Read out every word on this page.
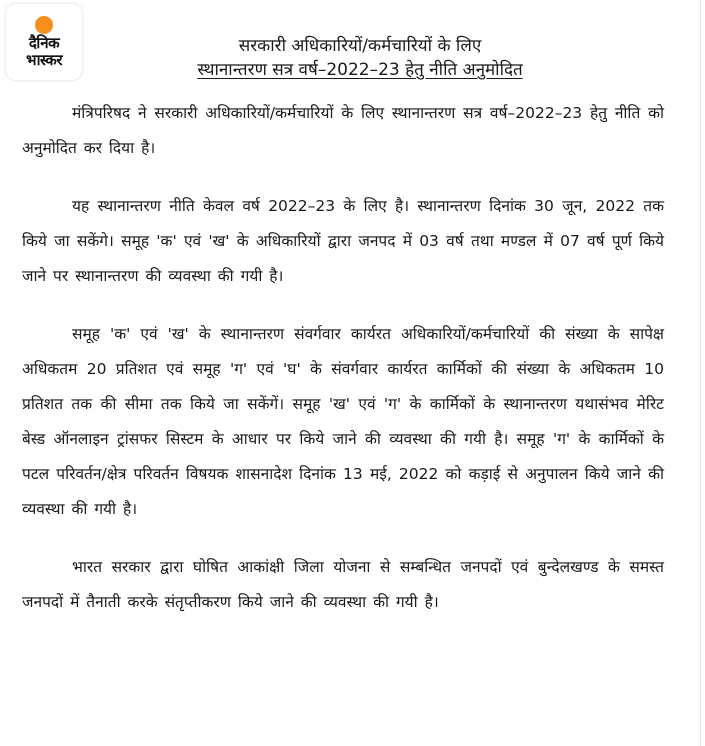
दैनिक
भास्कर
सरकारी अधिकारियों/कर्मचारियों के लिए
स्थानान्तरण सत्र वर्ष–2022–23 हेतु नीति अनुमोदित

मंत्रिपरिषद ने सरकारी अधिकारियों/कर्मचारियों के लिए स्थानान्तरण सत्र वर्ष–2022–23 हेतु नीति को अनुमोदित कर दिया है।

यह स्थानान्तरण नीति केवल वर्ष 2022–23 के लिए है। स्थानान्तरण दिनांक 30 जून, 2022 तक किये जा सकेंगे। समूह 'क' एवं 'ख' के अधिकारियों द्वारा जनपद में 03 वर्ष तथा मण्डल में 07 वर्ष पूर्ण किये जाने पर स्थानान्तरण की व्यवस्था की गयी है।

समूह 'क' एवं 'ख' के स्थानान्तरण संवर्गवार कार्यरत अधिकारियों/कर्मचारियों की संख्या के सापेक्ष अधिकतम 20 प्रतिशत एवं समूह 'ग' एवं 'घ' के संवर्गवार कार्यरत कार्मिकों की संख्या के अधिकतम 10 प्रतिशत तक की सीमा तक किये जा सकेंगें। समूह 'ख' एवं 'ग' के कार्मिकों के स्थानान्तरण यथासंभव मेरिट बेस्ड ऑनलाइन ट्रांसफर सिस्टम के आधार पर किये जाने की व्यवस्था की गयी है। समूह 'ग' के कार्मिकों के पटल परिवर्तन/क्षेत्र परिवर्तन विषयक शासनादेश दिनांक 13 मई, 2022 को कड़ाई से अनुपालन किये जाने की व्यवस्था की गयी है।

भारत सरकार द्वारा घोषित आकांक्षी जिला योजना से सम्बन्धित जनपदों एवं बुन्देलखण्ड के समस्त जनपदों में तैनाती करके संतृप्तीकरण किये जाने की व्यवस्था की गयी है।
